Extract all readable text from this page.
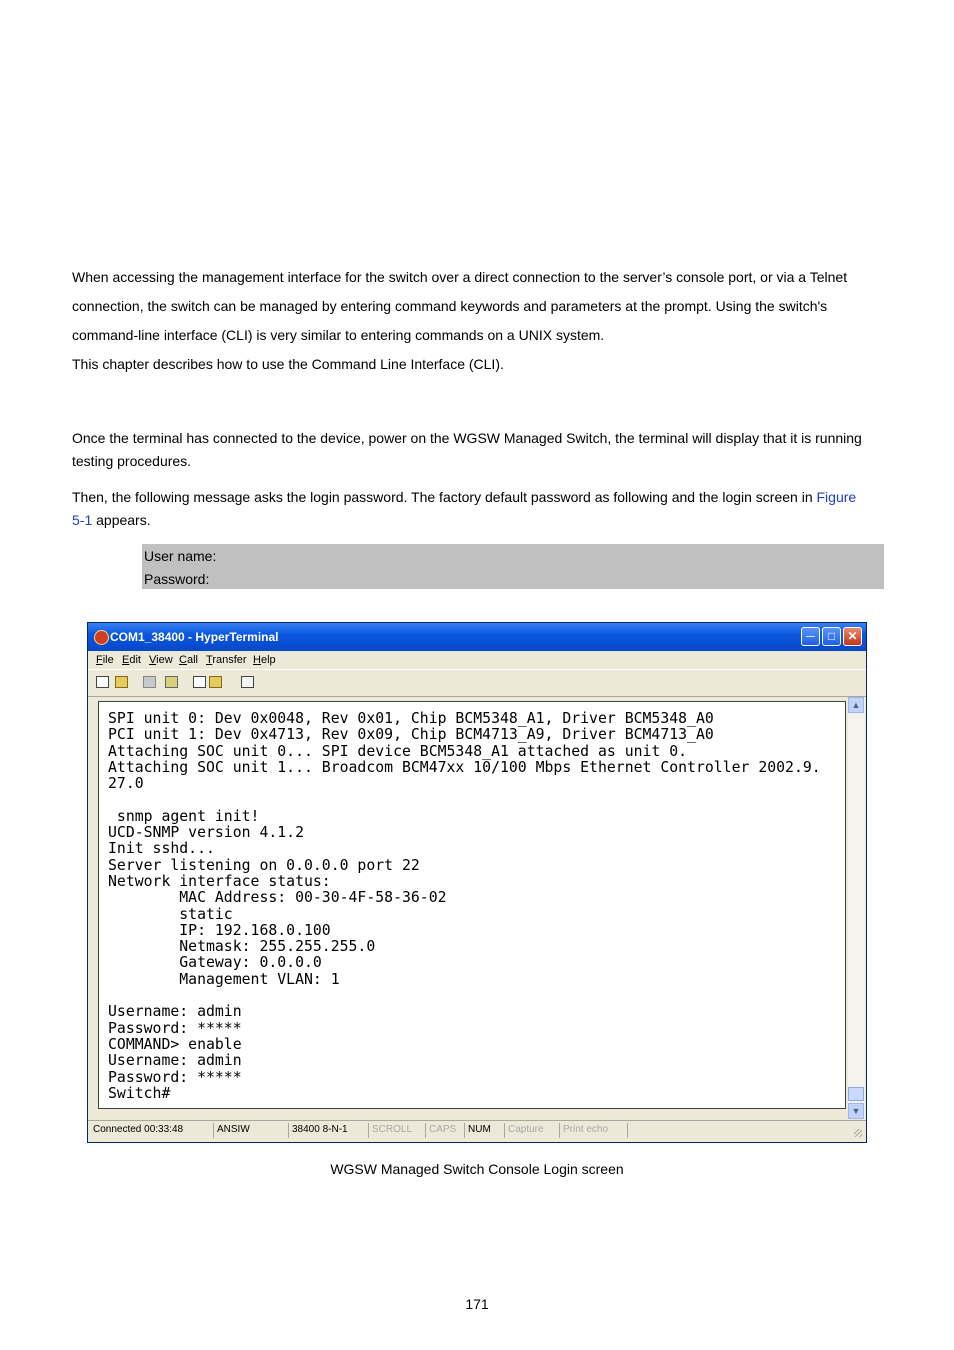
When accessing the management interface for the switch over a direct connection to the server’s console port, or via a Telnet
connection, the switch can be managed by entering command keywords and parameters at the prompt. Using the switch's
command-line interface (CLI) is very similar to entering commands on a UNIX system.
This chapter describes how to use the Command Line Interface (CLI).
Once the terminal has connected to the device, power on the WGSW Managed Switch, the terminal will display that it is running
testing procedures.
Then, the following message asks the login password. The factory default password as following and the login screen in Figure
5-1 appears.
User name:
Password:
COM1_38400 - HyperTerminal	─	□	✕
File Edit View Call Transfer Help
SPI unit 0: Dev 0x0048, Rev 0x01, Chip BCM5348_A1, Driver BCM5348_A0
PCI unit 1: Dev 0x4713, Rev 0x09, Chip BCM4713_A9, Driver BCM4713_A0
Attaching SOC unit 0... SPI device BCM5348_A1 attached as unit 0.
Attaching SOC unit 1... Broadcom BCM47xx 10/100 Mbps Ethernet Controller 2002.9.
27.0

snmp agent init!
UCD-SNMP version 4.1.2
Init sshd...
Server listening on 0.0.0.0 port 22
Network interface status:
MAC Address: 00-30-4F-58-36-02
static
IP: 192.168.0.100
Netmask: 255.255.255.0
Gateway: 0.0.0.0
Management VLAN: 1

Username: admin
Password: *****
COMMAND> enable
Username: admin
Password: *****
Switch#
▲
▼
Connected 00:33:48	ANSIW	38400 8-N-1	SCROLL	CAPS	NUM	Capture	Print echo
WGSW Managed Switch Console Login screen
171
